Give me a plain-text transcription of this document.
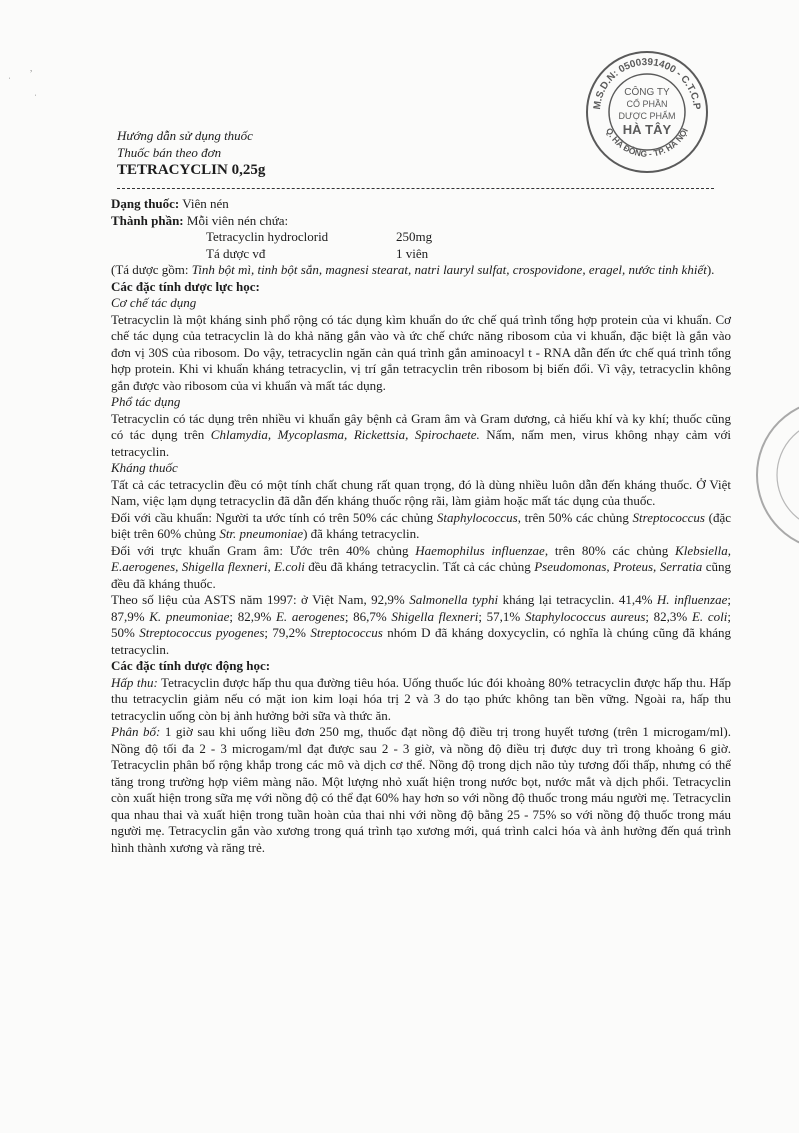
ˌ
,
ˈ
M.S.D.N: 0500391400 - C.T.C.P
Q. HÀ ĐÔNG - TP. HÀ NỘI
CÔNG TY
CỔ PHẦN
DƯỢC PHẨM
HÀ TÂY
Hướng dẫn sử dụng thuốc
Thuốc bán theo đơn
TETRACYCLIN 0,25g

Dạng thuốc: Viên nén

Thành phần: Mỗi viên nén chứa:

Tetracyclin hydroclorid	250mg
Tá dược vđ	1 viên

(Tá dược gồm: Tinh bột mì, tinh bột sắn, magnesi stearat, natri lauryl sulfat, crospovidone, eragel, nước tinh khiết).

Các đặc tính dược lực học:

Cơ chế tác dụng

Tetracyclin là một kháng sinh phổ rộng có tác dụng kìm khuẩn do ức chế quá trình tổng hợp protein của vi khuẩn. Cơ chế tác dụng của tetracyclin là do khả năng gắn vào và ức chế chức năng ribosom của vi khuẩn, đặc biệt là gắn vào đơn vị 30S của ribosom. Do vậy, tetracyclin ngăn cản quá trình gắn aminoacyl t - RNA dẫn đến ức chế quá trình tổng hợp protein. Khi vi khuẩn kháng tetracyclin, vị trí gắn tetracyclin trên ribosom bị biến đổi. Vì vậy, tetracyclin không gắn được vào ribosom của vi khuẩn và mất tác dụng.

Phổ tác dụng

Tetracyclin có tác dụng trên nhiều vi khuẩn gây bệnh cả Gram âm và Gram dương, cả hiếu khí và ky khí; thuốc cũng có tác dụng trên Chlamydia, Mycoplasma, Rickettsia, Spirochaete. Nấm, nấm men, virus không nhạy cảm với tetracyclin.

Kháng thuốc

Tất cả các tetracyclin đều có một tính chất chung rất quan trọng, đó là dùng nhiều luôn dẫn đến kháng thuốc. Ở Việt Nam, việc lạm dụng tetracyclin đã dẫn đến kháng thuốc rộng rãi, làm giảm hoặc mất tác dụng của thuốc.

Đối với cầu khuẩn: Người ta ước tính có trên 50% các chủng Staphylococcus, trên 50% các chủng Streptococcus (đặc biệt trên 60% chủng Str. pneumoniae) đã kháng tetracyclin.

Đối với trực khuẩn Gram âm: Ước trên 40% chủng Haemophilus influenzae, trên 80% các chủng Klebsiella, E.aerogenes, Shigella flexneri, E.coli đều đã kháng tetracyclin. Tất cả các chủng Pseudomonas, Proteus, Serratia cũng đều đã kháng thuốc.

Theo số liệu của ASTS năm 1997: ở Việt Nam, 92,9% Salmonella typhi kháng lại tetracyclin. 41,4% H. influenzae; 87,9% K. pneumoniae; 82,9% E. aerogenes; 86,7% Shigella flexneri; 57,1% Staphylococcus aureus; 82,3% E. coli; 50% Streptococcus pyogenes; 79,2% Streptococcus nhóm D đã kháng doxycyclin, có nghĩa là chúng cũng đã kháng tetracyclin.

Các đặc tính dược động học:

Hấp thu: Tetracyclin được hấp thu qua đường tiêu hóa. Uống thuốc lúc đói khoảng 80% tetracyclin được hấp thu. Hấp thu tetracyclin giảm nếu có mặt ion kim loại hóa trị 2 và 3 do tạo phức không tan bền vững. Ngoài ra, hấp thu tetracyclin uống còn bị ảnh hưởng bởi sữa và thức ăn.

Phân bố: 1 giờ sau khi uống liều đơn 250 mg, thuốc đạt nồng độ điều trị trong huyết tương (trên 1 microgam/ml). Nồng độ tối đa 2 - 3 microgam/ml đạt được sau 2 - 3 giờ, và nồng độ điều trị được duy trì trong khoảng 6 giờ. Tetracyclin phân bố rộng khắp trong các mô và dịch cơ thể. Nồng độ trong dịch não tủy tương đối thấp, nhưng có thể tăng trong trường hợp viêm màng não. Một lượng nhỏ xuất hiện trong nước bọt, nước mắt và dịch phổi. Tetracyclin còn xuất hiện trong sữa mẹ với nồng độ có thể đạt 60% hay hơn so với nồng độ thuốc trong máu người mẹ. Tetracyclin qua nhau thai và xuất hiện trong tuần hoàn của thai nhi với nồng độ bằng 25 - 75% so với nồng độ thuốc trong máu người mẹ. Tetracyclin gắn vào xương trong quá trình tạo xương mới, quá trình calci hóa và ảnh hưởng đến quá trình hình thành xương và răng trẻ.
